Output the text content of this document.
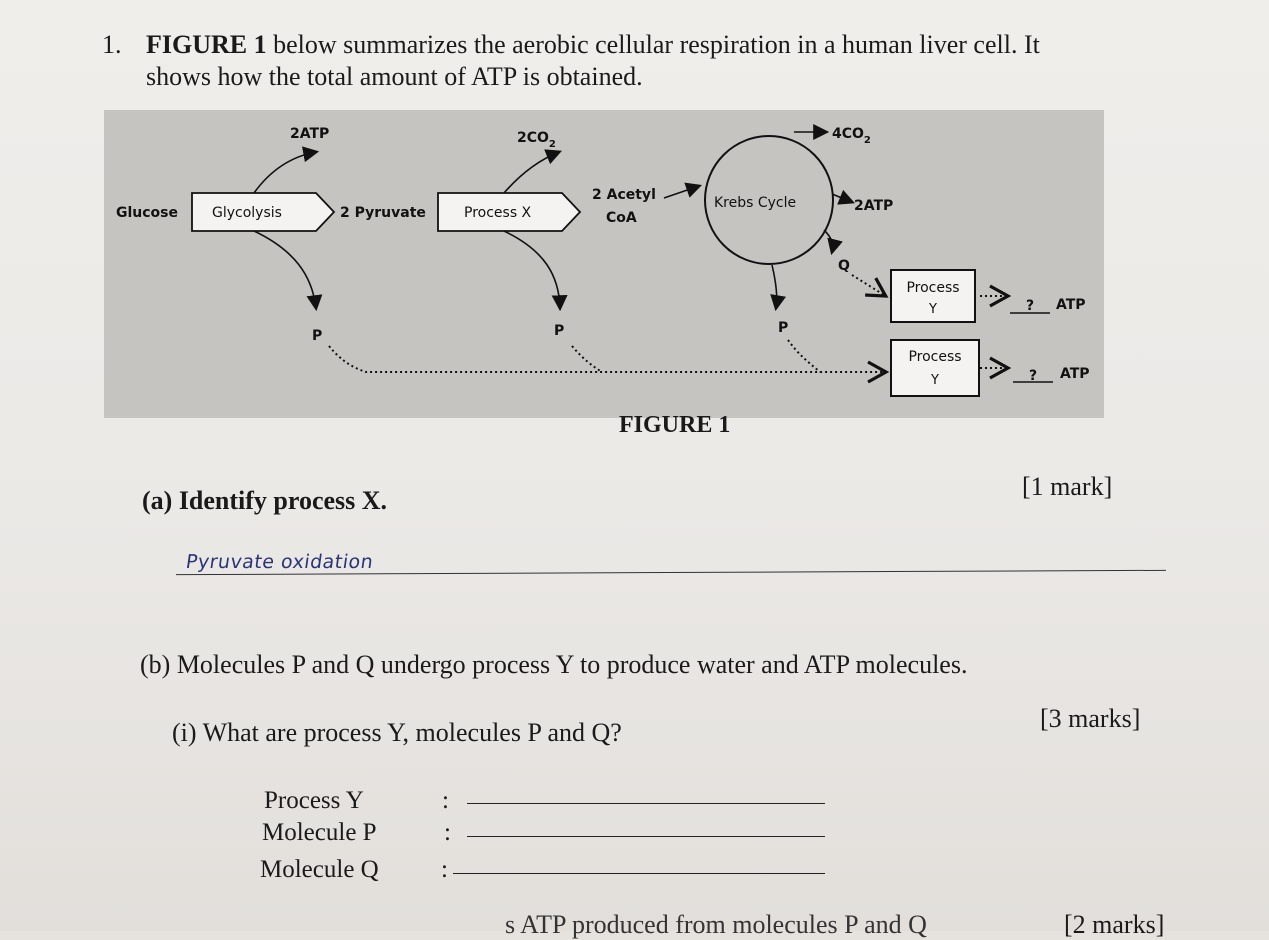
1. FIGURE 1 below summarizes the aerobic cellular respiration in a human liver cell. It
shows how the total amount of ATP is obtained.
2ATP	$2CO_2$
$4CO_2$
Glucose Glycolysis	2 Pyruvate	Process X
2 Acetyl
CoA
Krebs Cycle	2ATP
Q
P	P	P
Process
Y
Process
Y
? ATP
? ATP
FIGURE 1
(a) Identify process X.	[1 mark]
Pyruvate oxidation
(b) Molecules P and Q undergo process Y to produce water and ATP molecules.
(i) What are process Y, molecules P and Q?	[3 marks]
Process Y	:
Molecule P	:
Molecule Q :
s ATP produced from molecules P and Q	[2 marks]
